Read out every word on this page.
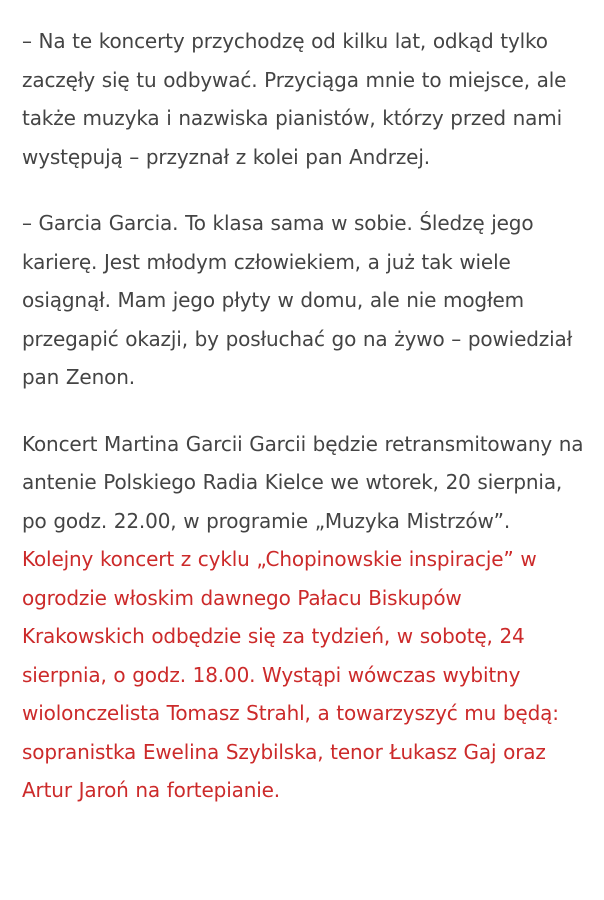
– Na te koncerty przychodzę od kilku lat, odkąd tylko zaczęły się tu odbywać. Przyciąga mnie to miejsce, ale także muzyka i nazwiska pianistów, którzy przed nami występują – przyznał z kolei pan Andrzej.

– Garcia Garcia. To klasa sama w sobie. Śledzę jego karierę. Jest młodym człowiekiem, a już tak wiele osiągnął. Mam jego płyty w domu, ale nie mogłem przegapić okazji, by posłuchać go na żywo – powiedział pan Zenon.

Koncert Martina Garcii Garcii będzie retransmitowany na antenie Polskiego Radia Kielce we wtorek, 20 sierpnia, po godz. 22.00, w programie „Muzyka Mistrzów”. Kolejny koncert z cyklu „Chopinowskie inspiracje” w ogrodzie włoskim dawnego Pałacu Biskupów Krakowskich odbędzie się za tydzień, w sobotę, 24 sierpnia, o godz. 18.00. Wystąpi wówczas wybitny wiolonczelista Tomasz Strahl, a towarzyszyć mu będą: sopranistka Ewelina Szybilska, tenor Łukasz Gaj oraz Artur Jaroń na fortepianie.
